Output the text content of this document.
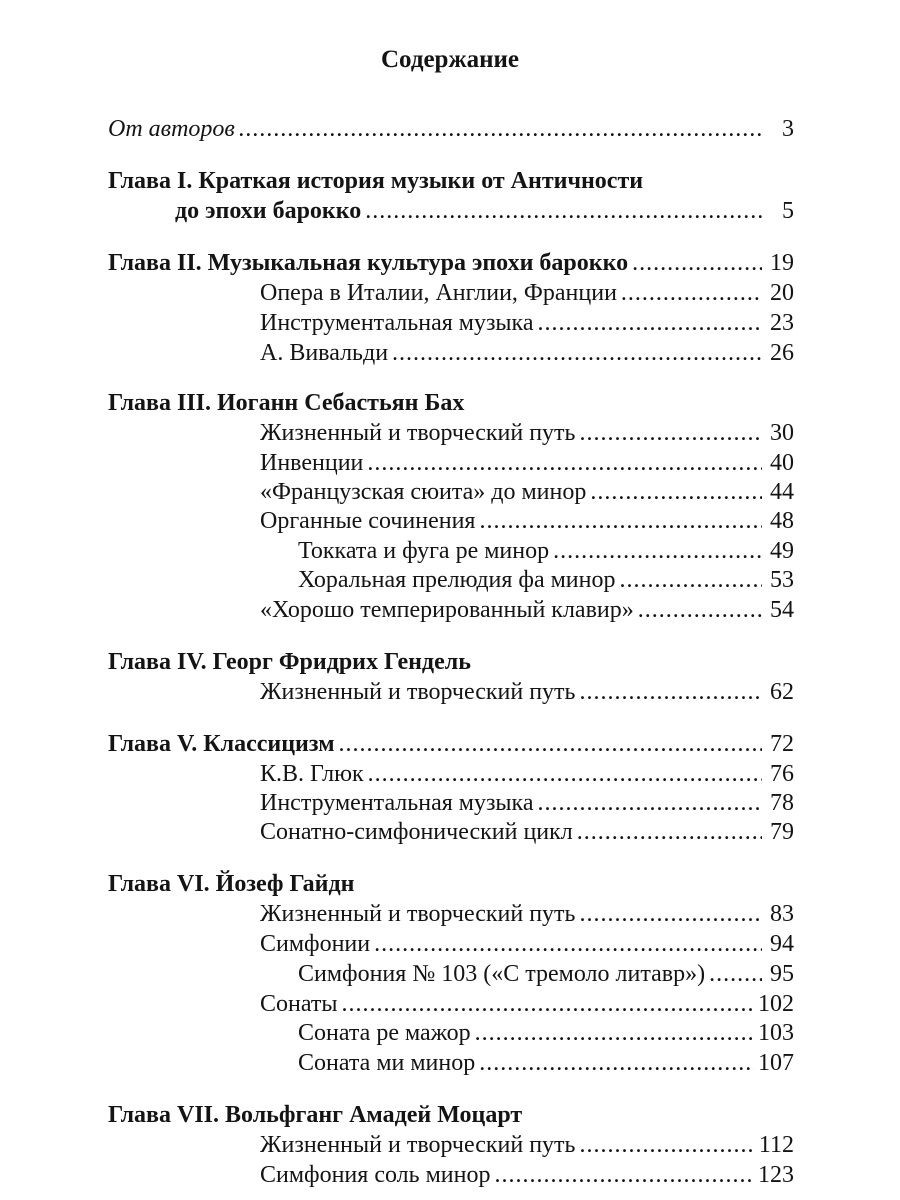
Содержание
От авторов .....	3
Глава I. Краткая история музыки от Античности
до эпохи барокко .....	5
Глава II. Музыкальная культура эпохи барокко .....	19
Опера в Италии, Англии, Франции .....	20
Инструментальная музыка .....	23
А. Вивальди .....	26
Глава III. Иоганн Себастьян Бах
Жизненный и творческий путь .....	30
Инвенции .....	40
«Французская сюита» до минор .....	44
Органные сочинения .....	48
Токката и фуга ре минор .....	49
Хоральная прелюдия фа минор .....	53
«Хорошо темперированный клавир» .....	54
Глава IV. Георг Фридрих Гендель
Жизненный и творческий путь .....	62
Глава V. Классицизм .....	72
К.В. Глюк .....	76
Инструментальная музыка .....	78
Сонатно-симфонический цикл .....	79
Глава VI. Йозеф Гайдн
Жизненный и творческий путь .....	83
Симфонии .....	94
Симфония № 103 («С тремоло литавр») .....	95
Сонаты .....	102
Соната ре мажор .....	103
Соната ми минор .....	107
Глава VII. Вольфганг Амадей Моцарт
Жизненный и творческий путь .....	112
Симфония соль минор .....	123
